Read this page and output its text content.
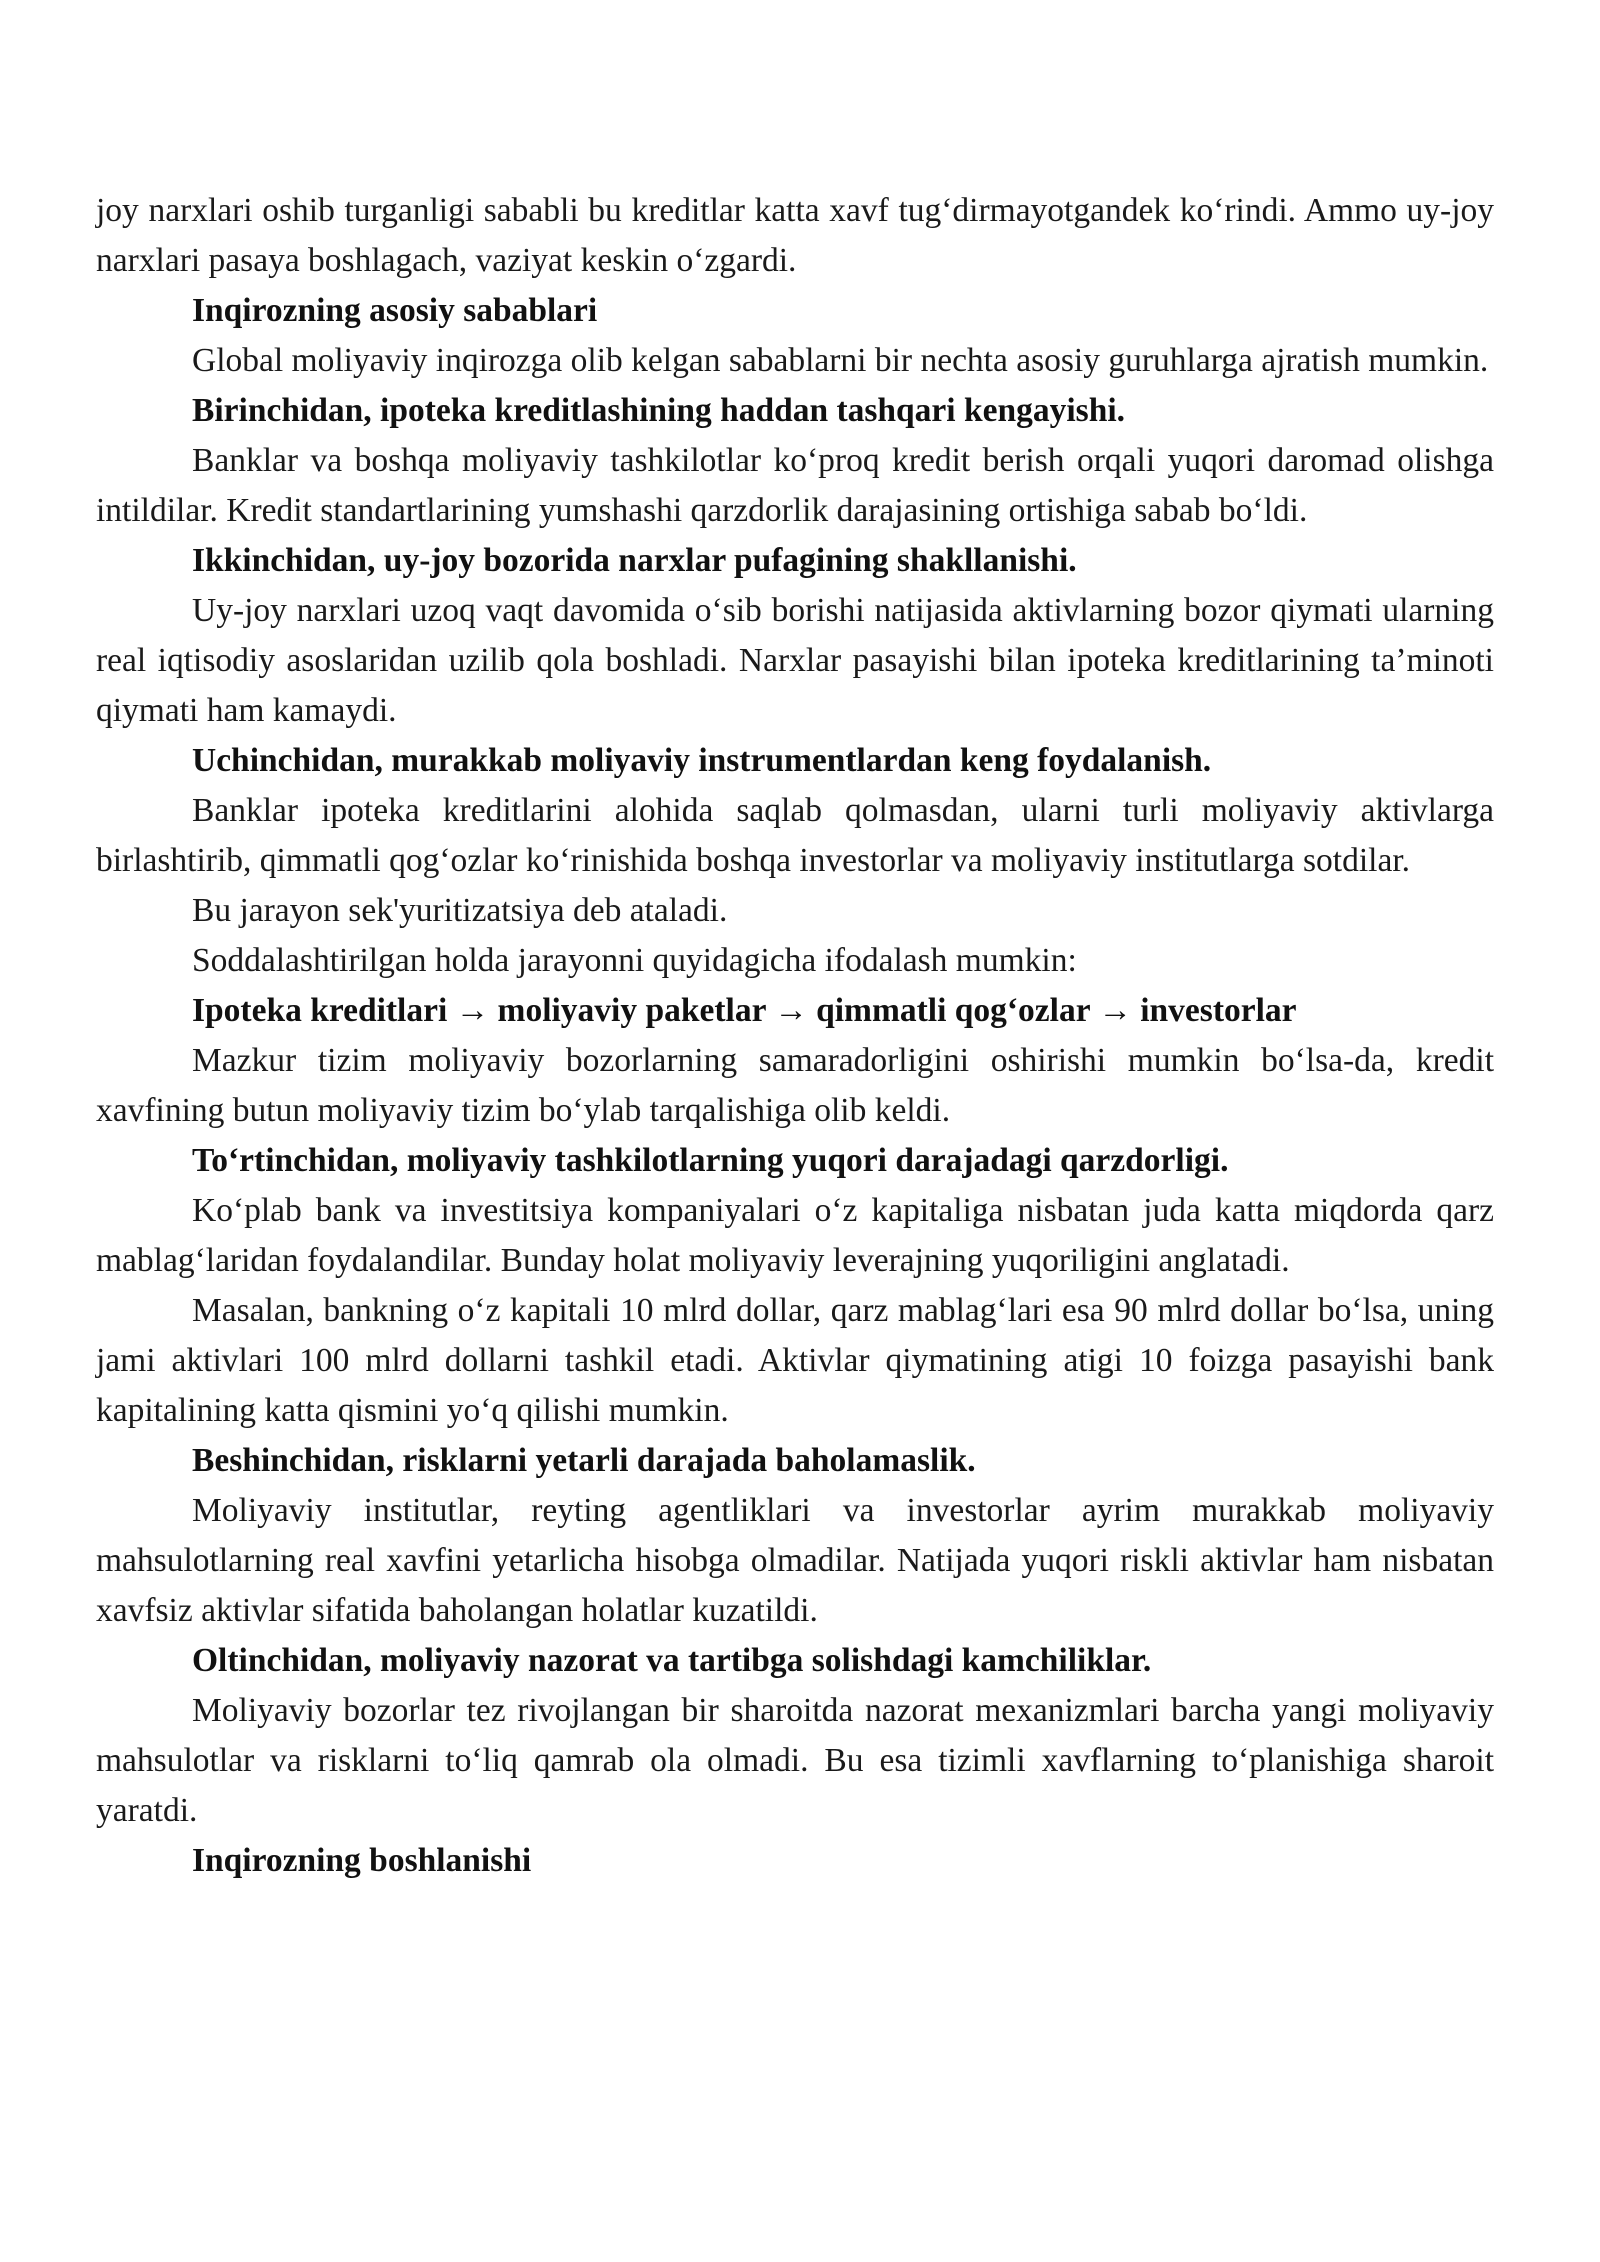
joy narxlari oshib turganligi sababli bu kreditlar katta xavf tug‘dirmayotgandek ko‘rindi. Ammo uy-joy narxlari pasaya boshlagach, vaziyat keskin o‘zgardi.

Inqirozning asosiy sabablari

Global moliyaviy inqirozga olib kelgan sabablarni bir nechta asosiy guruhlarga ajratish mumkin.

Birinchidan, ipoteka kreditlashining haddan tashqari kengayishi.

Banklar va boshqa moliyaviy tashkilotlar ko‘proq kredit berish orqali yuqori daromad olishga intildilar. Kredit standartlarining yumshashi qarzdorlik darajasining ortishiga sabab bo‘ldi.

Ikkinchidan, uy-joy bozorida narxlar pufagining shakllanishi.

Uy-joy narxlari uzoq vaqt davomida o‘sib borishi natijasida aktivlarning bozor qiymati ularning real iqtisodiy asoslaridan uzilib qola boshladi. Narxlar pasayishi bilan ipoteka kreditlarining ta’minoti qiymati ham kamaydi.

Uchinchidan, murakkab moliyaviy instrumentlardan keng foydalanish.

Banklar ipoteka kreditlarini alohida saqlab qolmasdan, ularni turli moliyaviy aktivlarga birlashtirib, qimmatli qog‘ozlar ko‘rinishida boshqa investorlar va moliyaviy institutlarga sotdilar.

Bu jarayon sek'yuritizatsiya deb ataladi.

Soddalashtirilgan holda jarayonni quyidagicha ifodalash mumkin:

Ipoteka kreditlari → moliyaviy paketlar → qimmatli qog‘ozlar → investorlar

Mazkur tizim moliyaviy bozorlarning samaradorligini oshirishi mumkin bo‘lsa-da, kredit xavfining butun moliyaviy tizim bo‘ylab tarqalishiga olib keldi.

To‘rtinchidan, moliyaviy tashkilotlarning yuqori darajadagi qarzdorligi.

Ko‘plab bank va investitsiya kompaniyalari o‘z kapitaliga nisbatan juda katta miqdorda qarz mablag‘laridan foydalandilar. Bunday holat moliyaviy leverajning yuqoriligini anglatadi.

Masalan, bankning o‘z kapitali 10 mlrd dollar, qarz mablag‘lari esa 90 mlrd dollar bo‘lsa, uning jami aktivlari 100 mlrd dollarni tashkil etadi. Aktivlar qiymatining atigi 10 foizga pasayishi bank kapitalining katta qismini yo‘q qilishi mumkin.

Beshinchidan, risklarni yetarli darajada baholamaslik.

Moliyaviy institutlar, reyting agentliklari va investorlar ayrim murakkab moliyaviy mahsulotlarning real xavfini yetarlicha hisobga olmadilar. Natijada yuqori riskli aktivlar ham nisbatan xavfsiz aktivlar sifatida baholangan holatlar kuzatildi.

Oltinchidan, moliyaviy nazorat va tartibga solishdagi kamchiliklar.

Moliyaviy bozorlar tez rivojlangan bir sharoitda nazorat mexanizmlari barcha yangi moliyaviy mahsulotlar va risklarni to‘liq qamrab ola olmadi. Bu esa tizimli xavflarning to‘planishiga sharoit yaratdi.

Inqirozning boshlanishi
